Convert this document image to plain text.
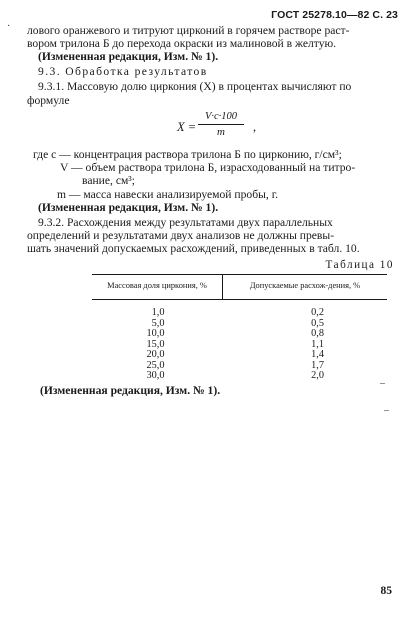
ГОСТ 25278.10—82 С. 23
· лового оранжевого и титруют цирконий в горячем растворе раст-
вором трилона Б до перехода окраски из малиновой в желтую.
(Измененная редакция, Изм. № 1).
9.3. Обработка результатов
9.3.1. Массовую долю циркония (X) в процентах вычисляют по
формуле
X =
V·c·100
m	,
где c — концентрация раствора трилона Б по цирконию, г/см³;
V — объем раствора трилона Б, израсходованный на титро-
вание, см³;
m — масса навески анализируемой пробы, г.
(Измененная редакция, Изм. № 1).
9.3.2. Расхождения между результатами двух параллельных
определений и результатами двух анализов не должны превы-
шать значений допускаемых расхождений, приведенных в табл. 10.
Таблица 10
Массовая доля циркония, %	Допускаемые расхож-дения, %
1,0	0,2
5,0	0,5
10,0	0,8
15,0	1,1
20,0	1,4
25,0	1,7
30,0	2,0
(Измененная редакция, Изм. № 1).
–
–
85
